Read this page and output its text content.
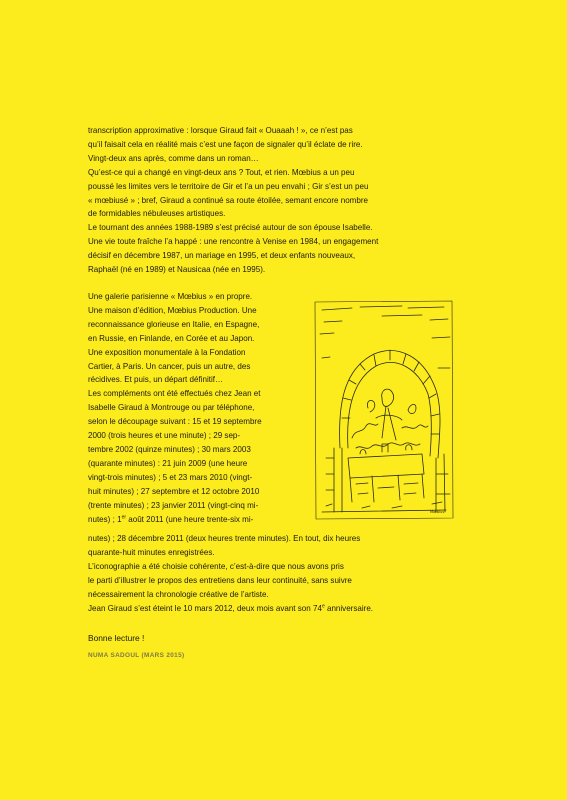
transcription approximative : lorsque Giraud fait « Ouaaah ! », ce n’est pas
qu’il faisait cela en réalité mais c’est une façon de signaler qu’il éclate de rire.
Vingt-deux ans après, comme dans un roman…

Qu’est-ce qui a changé en vingt-deux ans ? Tout, et rien. Mœbius a un peu
poussé les limites vers le territoire de Gir et l’a un peu envahi ; Gir s’est un peu
« mœbiusé » ; bref, Giraud a continué sa route étoilée, semant encore nombre
de formidables nébuleuses artistiques.

Le tournant des années 1988-1989 s’est précisé autour de son épouse Isabelle.
Une vie toute fraîche l’a happé : une rencontre à Venise en 1984, un engagement
décisif en décembre 1987, un mariage en 1995, et deux enfants nouveaux,
Raphaël (né en 1989) et Nausicaa (née en 1995).

Une galerie parisienne « Mœbius » en propre.
Une maison d’édition, Mœbius Production. Une
reconnaissance glorieuse en Italie, en Espagne,
en Russie, en Finlande, en Corée et au Japon.
Une exposition monumentale à la Fondation
Cartier, à Paris. Un cancer, puis un autre, des
récidives. Et puis, un départ définitif…

Les compléments ont été effectués chez Jean et
Isabelle Giraud à Montrouge ou par téléphone,
selon le découpage suivant : 15 et 19 septembre
2000 (trois heures et une minute) ; 29 sep-
tembre 2002 (quinze minutes) ; 30 mars 2003
(quarante minutes) : 21 juin 2009 (une heure
vingt-trois minutes) ; 5 et 23 mars 2010 (vingt-
huit minutes) ; 27 septembre et 12 octobre 2010
(trente minutes) ; 23 janvier 2011 (vingt-cinq mi-
nutes) ; 1er août 2011 (une heure trente-six mi-

nutes) ; 28 décembre 2011 (deux heures trente minutes). En tout, dix heures
quarante-huit minutes enregistrées.

L’iconographie a été choisie cohérente, c’est-à-dire que nous avons pris
le parti d’illustrer le propos des entretiens dans leur continuité, sans suivre
nécessairement la chronologie créative de l’artiste.

Jean Giraud s’est éteint le 10 mars 2012, deux mois avant son 74e anniversaire.

Bonne lecture !
NUMA SADOUL (MARS 2015)
Mœbius
